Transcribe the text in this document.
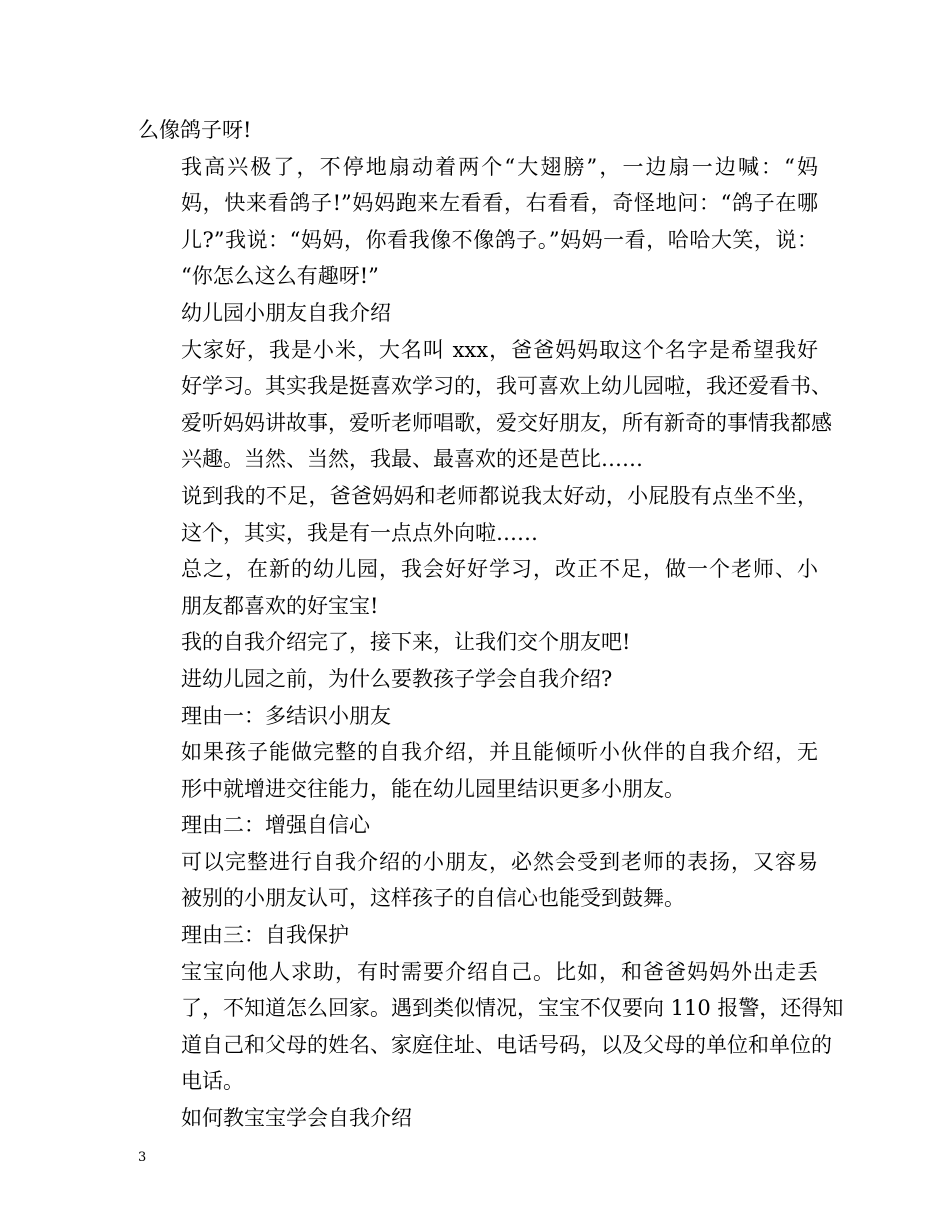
么像鸽子呀!

我高兴极了，不停地扇动着两个“大翅膀”，一边扇一边喊：“妈
妈，快来看鸽子!”妈妈跑来左看看，右看看，奇怪地问：“鸽子在哪
儿?”我说：“妈妈，你看我像不像鸽子。”妈妈一看，哈哈大笑，说：
“你怎么这么有趣呀!”

幼儿园小朋友自我介绍

大家好，我是小米，大名叫 xxx，爸爸妈妈取这个名字是希望我好
好学习。其实我是挺喜欢学习的，我可喜欢上幼儿园啦，我还爱看书、
爱听妈妈讲故事，爱听老师唱歌，爱交好朋友，所有新奇的事情我都感
兴趣。当然、当然，我最、最喜欢的还是芭比……

说到我的不足，爸爸妈妈和老师都说我太好动，小屁股有点坐不坐，
这个，其实，我是有一点点外向啦……

总之，在新的幼儿园，我会好好学习，改正不足，做一个老师、小
朋友都喜欢的好宝宝!

我的自我介绍完了，接下来，让我们交个朋友吧!

进幼儿园之前，为什么要教孩子学会自我介绍?

理由一：多结识小朋友

如果孩子能做完整的自我介绍，并且能倾听小伙伴的自我介绍，无
形中就增进交往能力，能在幼儿园里结识更多小朋友。

理由二：增强自信心

可以完整进行自我介绍的小朋友，必然会受到老师的表扬，又容易
被别的小朋友认可，这样孩子的自信心也能受到鼓舞。

理由三：自我保护

宝宝向他人求助，有时需要介绍自己。比如，和爸爸妈妈外出走丢
了，不知道怎么回家。遇到类似情况，宝宝不仅要向 110 报警，还得知
道自己和父母的姓名、家庭住址、电话号码，以及父母的单位和单位的
电话。

如何教宝宝学会自我介绍

3
